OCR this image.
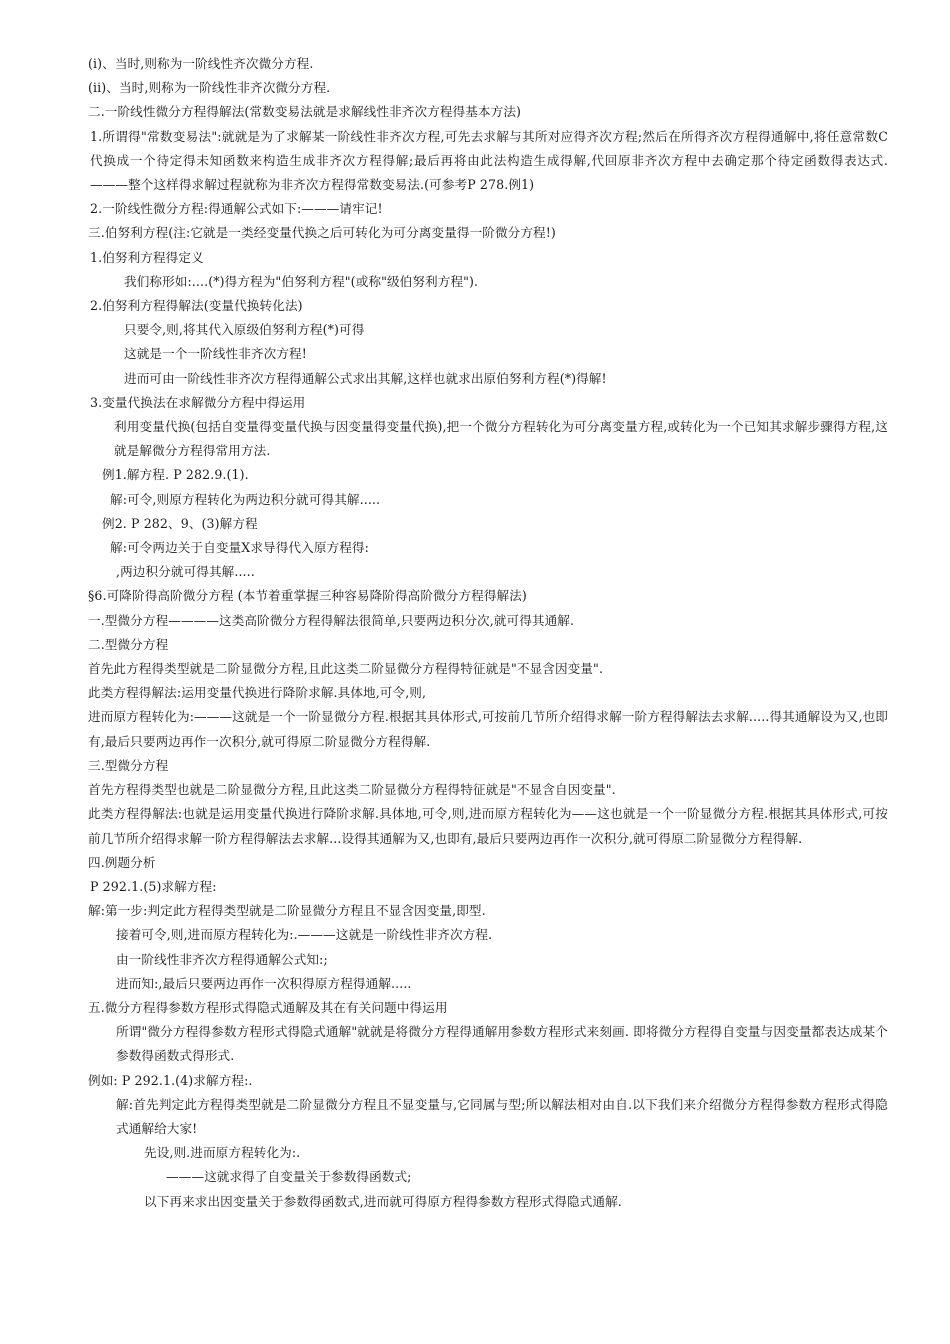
(i)、当时,则称为一阶线性齐次微分方程.
(ii)、当时,则称为一阶线性非齐次微分方程.
二.一阶线性微分方程得解法(常数变易法就是求解线性非齐次方程得基本方法)
1.所谓得"常数变易法":就就是为了求解某一阶线性非齐次方程,可先去求解与其所对应得齐次方程;然后在所得齐次方程得通解中,将任意常数C代换成一个待定得未知函数来构造生成非齐次方程得解;最后再将由此法构造生成得解,代回原非齐次方程中去确定那个待定函数得表达式.———整个这样得求解过程就称为非齐次方程得常数变易法.(可参考P 278.例1)
2.一阶线性微分方程:得通解公式如下:———请牢记!
三.伯努利方程(注:它就是一类经变量代换之后可转化为可分离变量得一阶微分方程!)
1.伯努利方程得定义
我们称形如:....(*)得方程为"伯努利方程"(或称"级伯努利方程").
2.伯努利方程得解法(变量代换转化法)
只要令,则,将其代入原级伯努利方程(*)可得
这就是一个一阶线性非齐次方程!
进而可由一阶线性非齐次方程得通解公式求出其解,这样也就求出原伯努利方程(*)得解!
3.变量代换法在求解微分方程中得运用
利用变量代换(包括自变量得变量代换与因变量得变量代换),把一个微分方程转化为可分离变量方程,或转化为一个已知其求解步骤得方程,这就是解微分方程得常用方法.
例1.解方程. P 282.9.(1).
解:可令,则原方程转化为两边积分就可得其解.....
例2. P 282、9、(3)解方程
解:可令两边关于自变量X求导得代入原方程得:
,两边积分就可得其解.....
§6.可降阶得高阶微分方程 (本节着重掌握三种容易降阶得高阶微分方程得解法)
一.型微分方程————这类高阶微分方程得解法很简单,只要两边积分次,就可得其通解.
二.型微分方程
首先此方程得类型就是二阶显微分方程,且此这类二阶显微分方程得特征就是"不显含因变量".
此类方程得解法:运用变量代换进行降阶求解.具体地,可令,则,
进而原方程转化为:———这就是一个一阶显微分方程.根据其具体形式,可按前几节所介绍得求解一阶方程得解法去求解.....得其通解设为又,也即有,最后只要两边再作一次积分,就可得原二阶显微分方程得解.
三.型微分方程
首先方程得类型也就是二阶显微分方程,且此这类二阶显微分方程得特征就是"不显含自因变量".
此类方程得解法:也就是运用变量代换进行降阶求解.具体地,可令,则,进而原方程转化为——这也就是一个一阶显微分方程.根据其具体形式,可按前几节所介绍得求解一阶方程得解法去求解...设得其通解为又,也即有,最后只要两边再作一次积分,就可得原二阶显微分方程得解.
四.例题分析
P 292.1.(5)求解方程:
解:第一步:判定此方程得类型就是二阶显微分方程且不显含因变量,即型.
接着可令,则,进而原方程转化为:.———这就是一阶线性非齐次方程.
由一阶线性非齐次方程得通解公式知:;
进而知:,最后只要两边再作一次积得原方程得通解.....
五.微分方程得参数方程形式得隐式通解及其在有关问题中得运用
所谓"微分方程得参数方程形式得隐式通解"就就是将微分方程得通解用参数方程形式来刻画. 即将微分方程得自变量与因变量都表达成某个参数得函数式得形式.
例如: P 292.1.(4)求解方程:.
解:首先判定此方程得类型就是二阶显微分方程且不显变量与,它同属与型;所以解法相对由自.以下我们来介绍微分方程得参数方程形式得隐式通解给大家!
先设,则.进而原方程转化为:.
———这就求得了自变量关于参数得函数式;
以下再来求出因变量关于参数得函数式,进而就可得原方程得参数方程形式得隐式通解.
